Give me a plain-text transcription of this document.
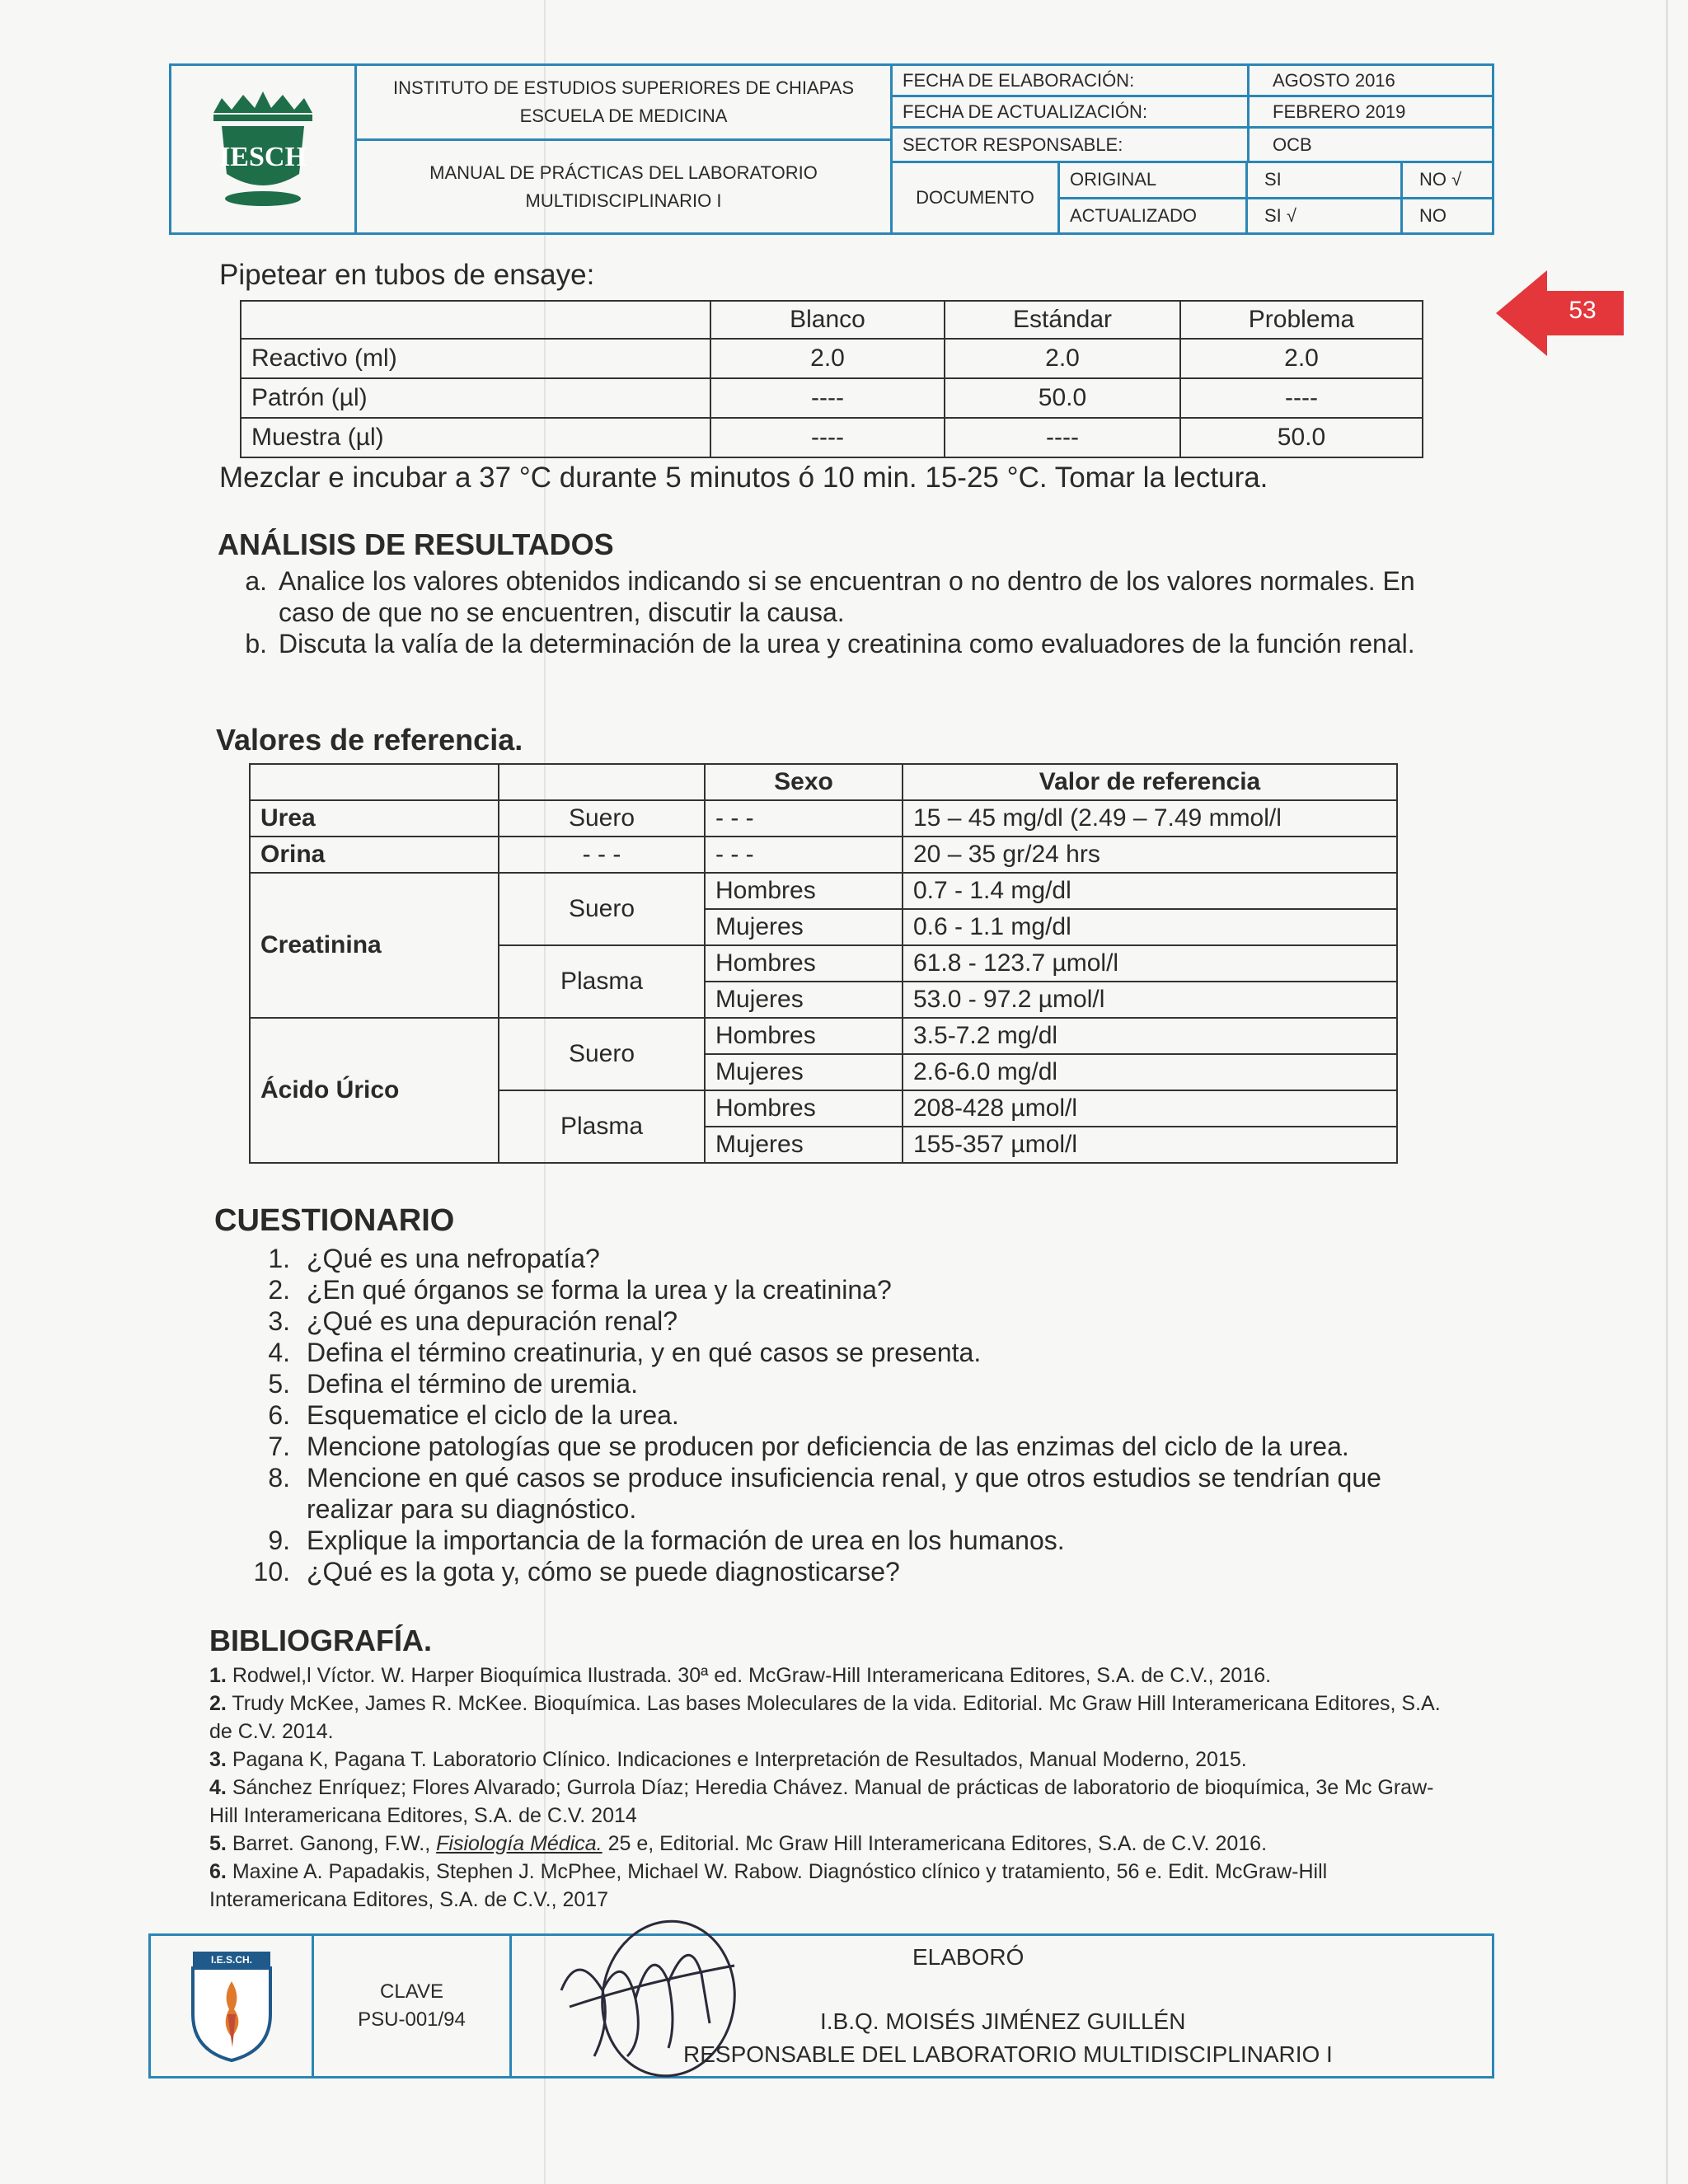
IESCH
INSTITUTO DE ESTUDIOS SUPERIORES DE CHIAPAS
ESCUELA DE MEDICINA
MANUAL DE PRÁCTICAS DEL LABORATORIO
MULTIDISCIPLINARIO I
FECHA DE ELABORACIÓN:	AGOSTO 2016
FECHA DE ACTUALIZACIÓN:	FEBRERO 2019
SECTOR RESPONSABLE:	OCB
DOCUMENTO
ORIGINAL	SI	NO √
ACTUALIZADO	SI √	NO
53
Pipetear en tubos de ensaye:
	Blanco	Estándar	Problema
Reactivo (ml)	2.0	2.0	2.0
Patrón (µl)	----	50.0	----
Muestra (µl)	----	----	50.0
Mezclar e incubar a 37 °C durante 5 minutos ó 10 min. 15-25 °C. Tomar la lectura.
ANÁLISIS DE RESULTADOS
a. Analice los valores obtenidos indicando si se encuentran o no dentro de los valores normales. En caso de que no se encuentren, discutir la causa.
b. Discuta la valía de la determinación de la urea y creatinina como evaluadores de la función renal.
Valores de referencia.
		Sexo	Valor de referencia
Urea	Suero	- - -	15 – 45 mg/dl (2.49 – 7.49 mmol/l
Orina	- - -	- - -	20 – 35 gr/24 hrs
Creatinina	Suero	Hombres	0.7 - 1.4 mg/dl
		Mujeres	0.6 - 1.1 mg/dl
	Plasma	Hombres	61.8 - 123.7 µmol/l
		Mujeres	53.0 - 97.2 µmol/l
Ácido Úrico	Suero	Hombres	3.5-7.2 mg/dl
		Mujeres	2.6-6.0 mg/dl
	Plasma	Hombres	208-428 µmol/l
		Mujeres	155-357 µmol/l
CUESTIONARIO
1. ¿Qué es una nefropatía?
2. ¿En qué órganos se forma la urea y la creatinina?
3. ¿Qué es una depuración renal?
4. Defina el término creatinuria, y en qué casos se presenta.
5. Defina el término de uremia.
6. Esquematice el ciclo de la urea.
7. Mencione patologías que se producen por deficiencia de las enzimas del ciclo de la urea.
8. Mencione en qué casos se produce insuficiencia renal, y que otros estudios se tendrían que realizar para su diagnóstico.
9. Explique la importancia de la formación de urea en los humanos.
10. ¿Qué es la gota y, cómo se puede diagnosticarse?
BIBLIOGRAFÍA.

1. Rodwel,l Víctor. W. Harper Bioquímica Ilustrada. 30ª ed. McGraw-Hill Interamericana Editores, S.A. de C.V., 2016.

2. Trudy McKee, James R. McKee. Bioquímica. Las bases Moleculares de la vida. Editorial. Mc Graw Hill Interamericana Editores, S.A. de C.V. 2014.

3. Pagana K, Pagana T. Laboratorio Clínico. Indicaciones e Interpretación de Resultados, Manual Moderno, 2015.

4. Sánchez Enríquez; Flores Alvarado; Gurrola Díaz; Heredia Chávez. Manual de prácticas de laboratorio de bioquímica, 3e Mc Graw-Hill Interamericana Editores, S.A. de C.V. 2014

5. Barret. Ganong, F.W., Fisiología Médica. 25 e, Editorial. Mc Graw Hill Interamericana Editores, S.A. de C.V. 2016.

6. Maxine A. Papadakis, Stephen J. McPhee, Michael W. Rabow. Diagnóstico clínico y tratamiento, 56 e. Edit. McGraw-Hill Interamericana Editores, S.A. de C.V., 2017

I.E.S.CH.
CLAVE
PSU-001/94
ELABORÓ
I.B.Q. MOISÉS JIMÉNEZ GUILLÉN
RESPONSABLE DEL LABORATORIO MULTIDISCIPLINARIO I
